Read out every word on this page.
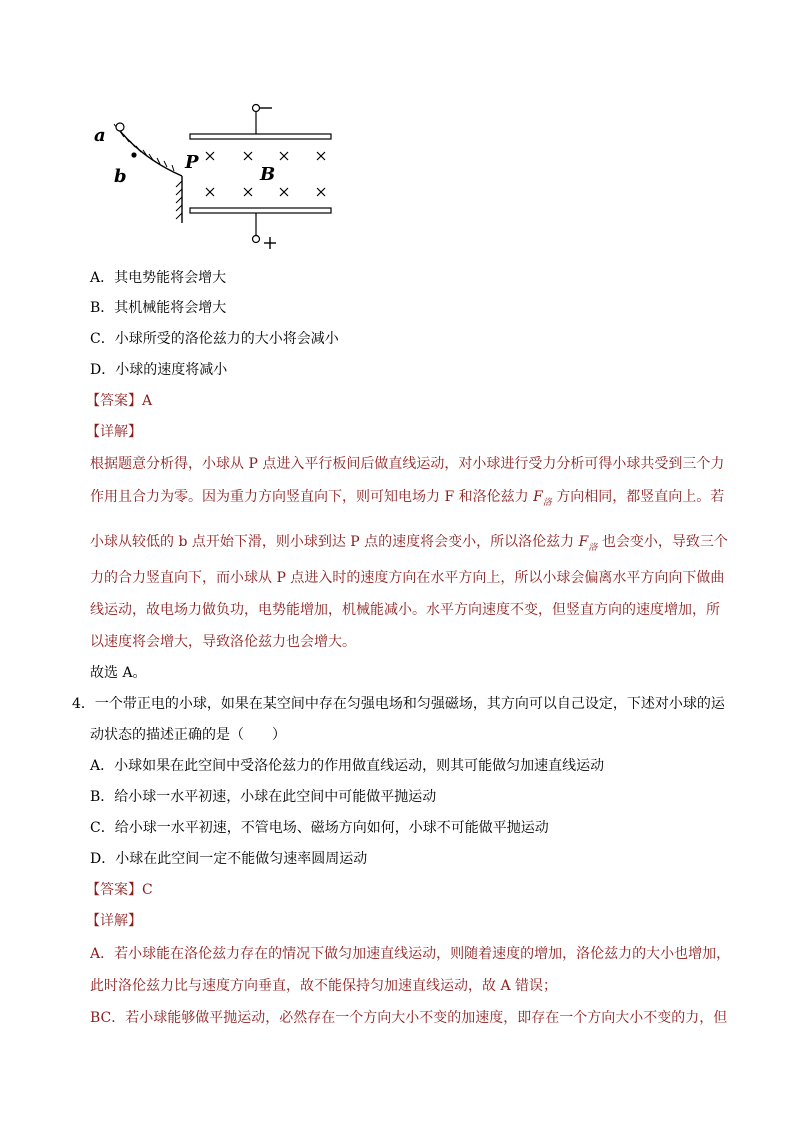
a
b
P
B
A．其电势能将会增大
B．其机械能将会增大
C．小球所受的洛伦兹力的大小将会减小
D．小球的速度将减小
【答案】A
【详解】
根据题意分析得，小球从 P 点进入平行板间后做直线运动，对小球进行受力分析可得小球共受到三个力
作用且合力为零。因为重力方向竖直向下，则可知电场力 F 和洛伦兹力 $F_洛$ 方向相同，都竖直向上。若
小球从较低的 b 点开始下滑，则小球到达 P 点的速度将会变小，所以洛伦兹力 $F_洛$ 也会变小，导致三个
力的合力竖直向下，而小球从 P 点进入时的速度方向在水平方向上，所以小球会偏离水平方向向下做曲
线运动，故电场力做负功，电势能增加，机械能减小。水平方向速度不变，但竖直方向的速度增加，所
以速度将会增大，导致洛伦兹力也会增大。
故选 A。
4．一个带正电的小球，如果在某空间中存在匀强电场和匀强磁场，其方向可以自己设定，下述对小球的运
动状态的描述正确的是（　　）
A．小球如果在此空间中受洛伦兹力的作用做直线运动，则其可能做匀加速直线运动
B．给小球一水平初速，小球在此空间中可能做平抛运动
C．给小球一水平初速，不管电场、磁场方向如何，小球不可能做平抛运动
D．小球在此空间一定不能做匀速率圆周运动
【答案】C
【详解】
A．若小球能在洛伦兹力存在的情况下做匀加速直线运动，则随着速度的增加，洛伦兹力的大小也增加，
此时洛伦兹力比与速度方向垂直，故不能保持匀加速直线运动，故 A 错误；
BC．若小球能够做平抛运动，必然存在一个方向大小不变的加速度，即存在一个方向大小不变的力，但
